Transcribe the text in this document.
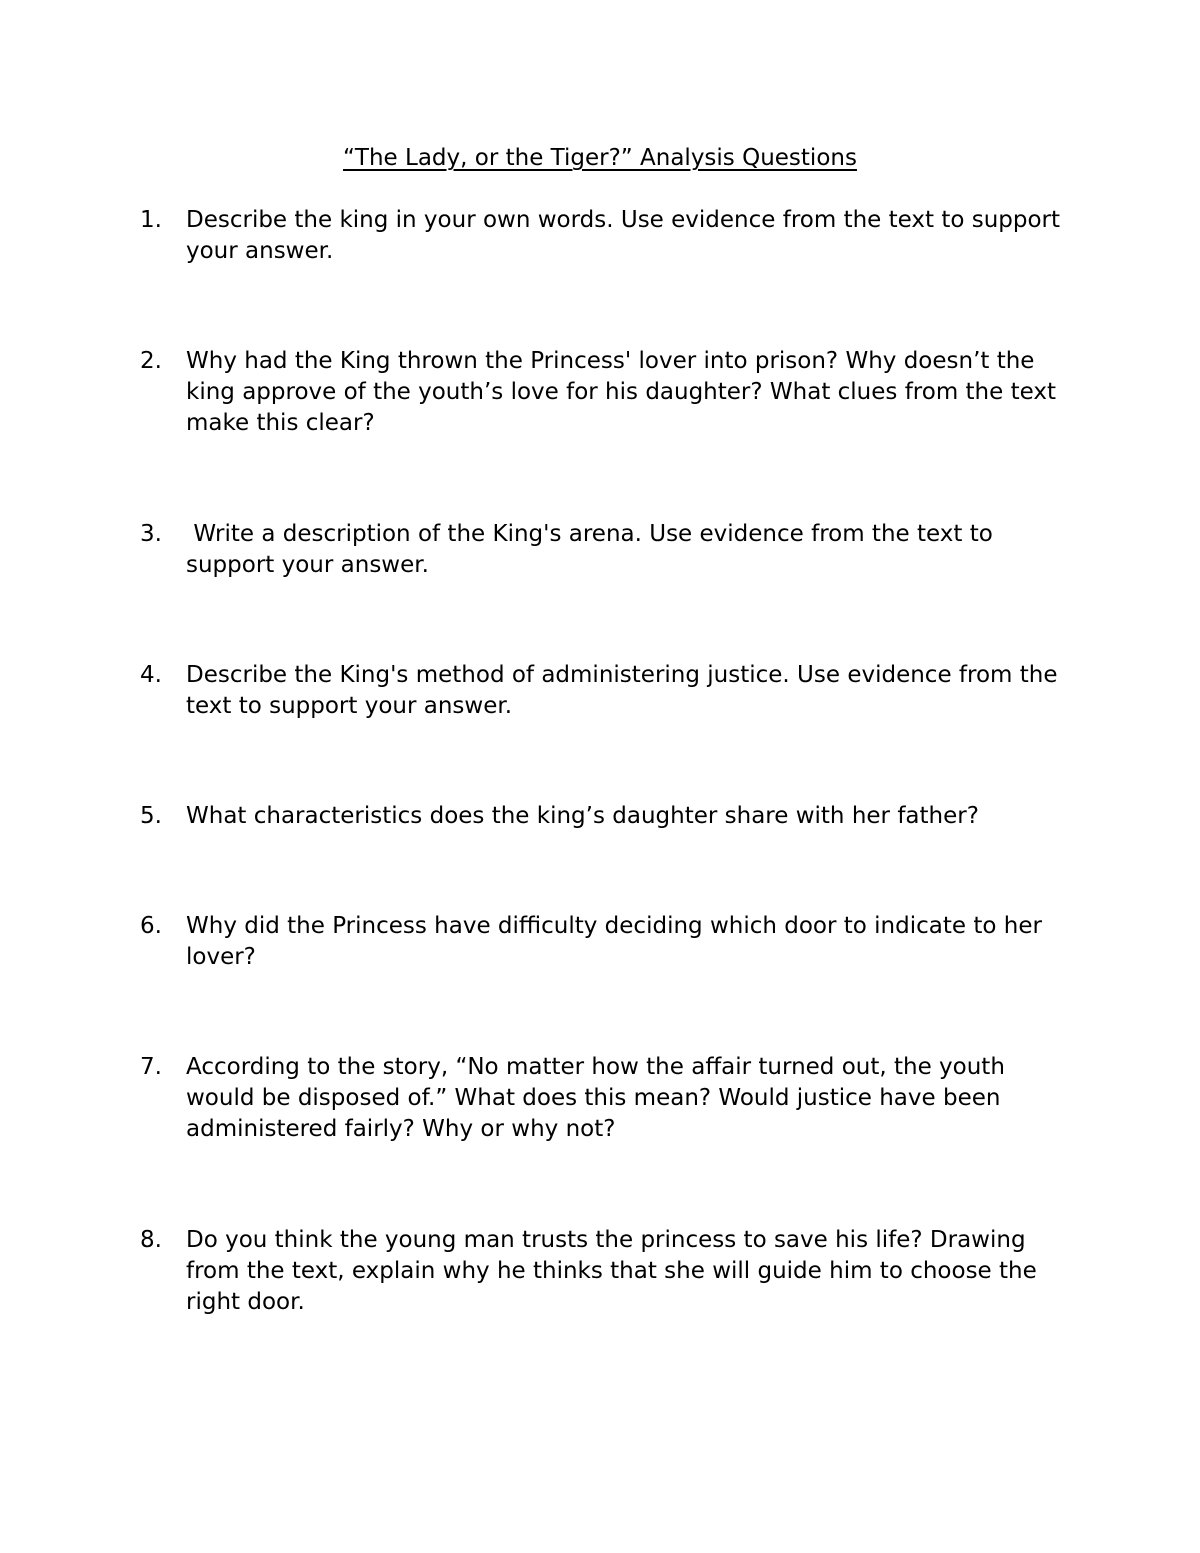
“The Lady, or the Tiger?” Analysis Questions
1.	Describe the king in your own words. Use evidence from the text to support your answer.
2.	Why had the King thrown the Princess' lover into prison? Why doesn’t the king approve of the youth’s love for his daughter? What clues from the text make this clear?
3.	Write a description of the King's arena. Use evidence from the text to support your answer.
4.	Describe the King's method of administering justice. Use evidence from the text to support your answer.
5.	What characteristics does the king’s daughter share with her father?
6.	Why did the Princess have difficulty deciding which door to indicate to her lover?
7.	According to the story, “No matter how the affair turned out, the youth would be disposed of.” What does this mean? Would justice have been administered fairly? Why or why not?
8.	Do you think the young man trusts the princess to save his life? Drawing from the text, explain why he thinks that she will guide him to choose the right door.
